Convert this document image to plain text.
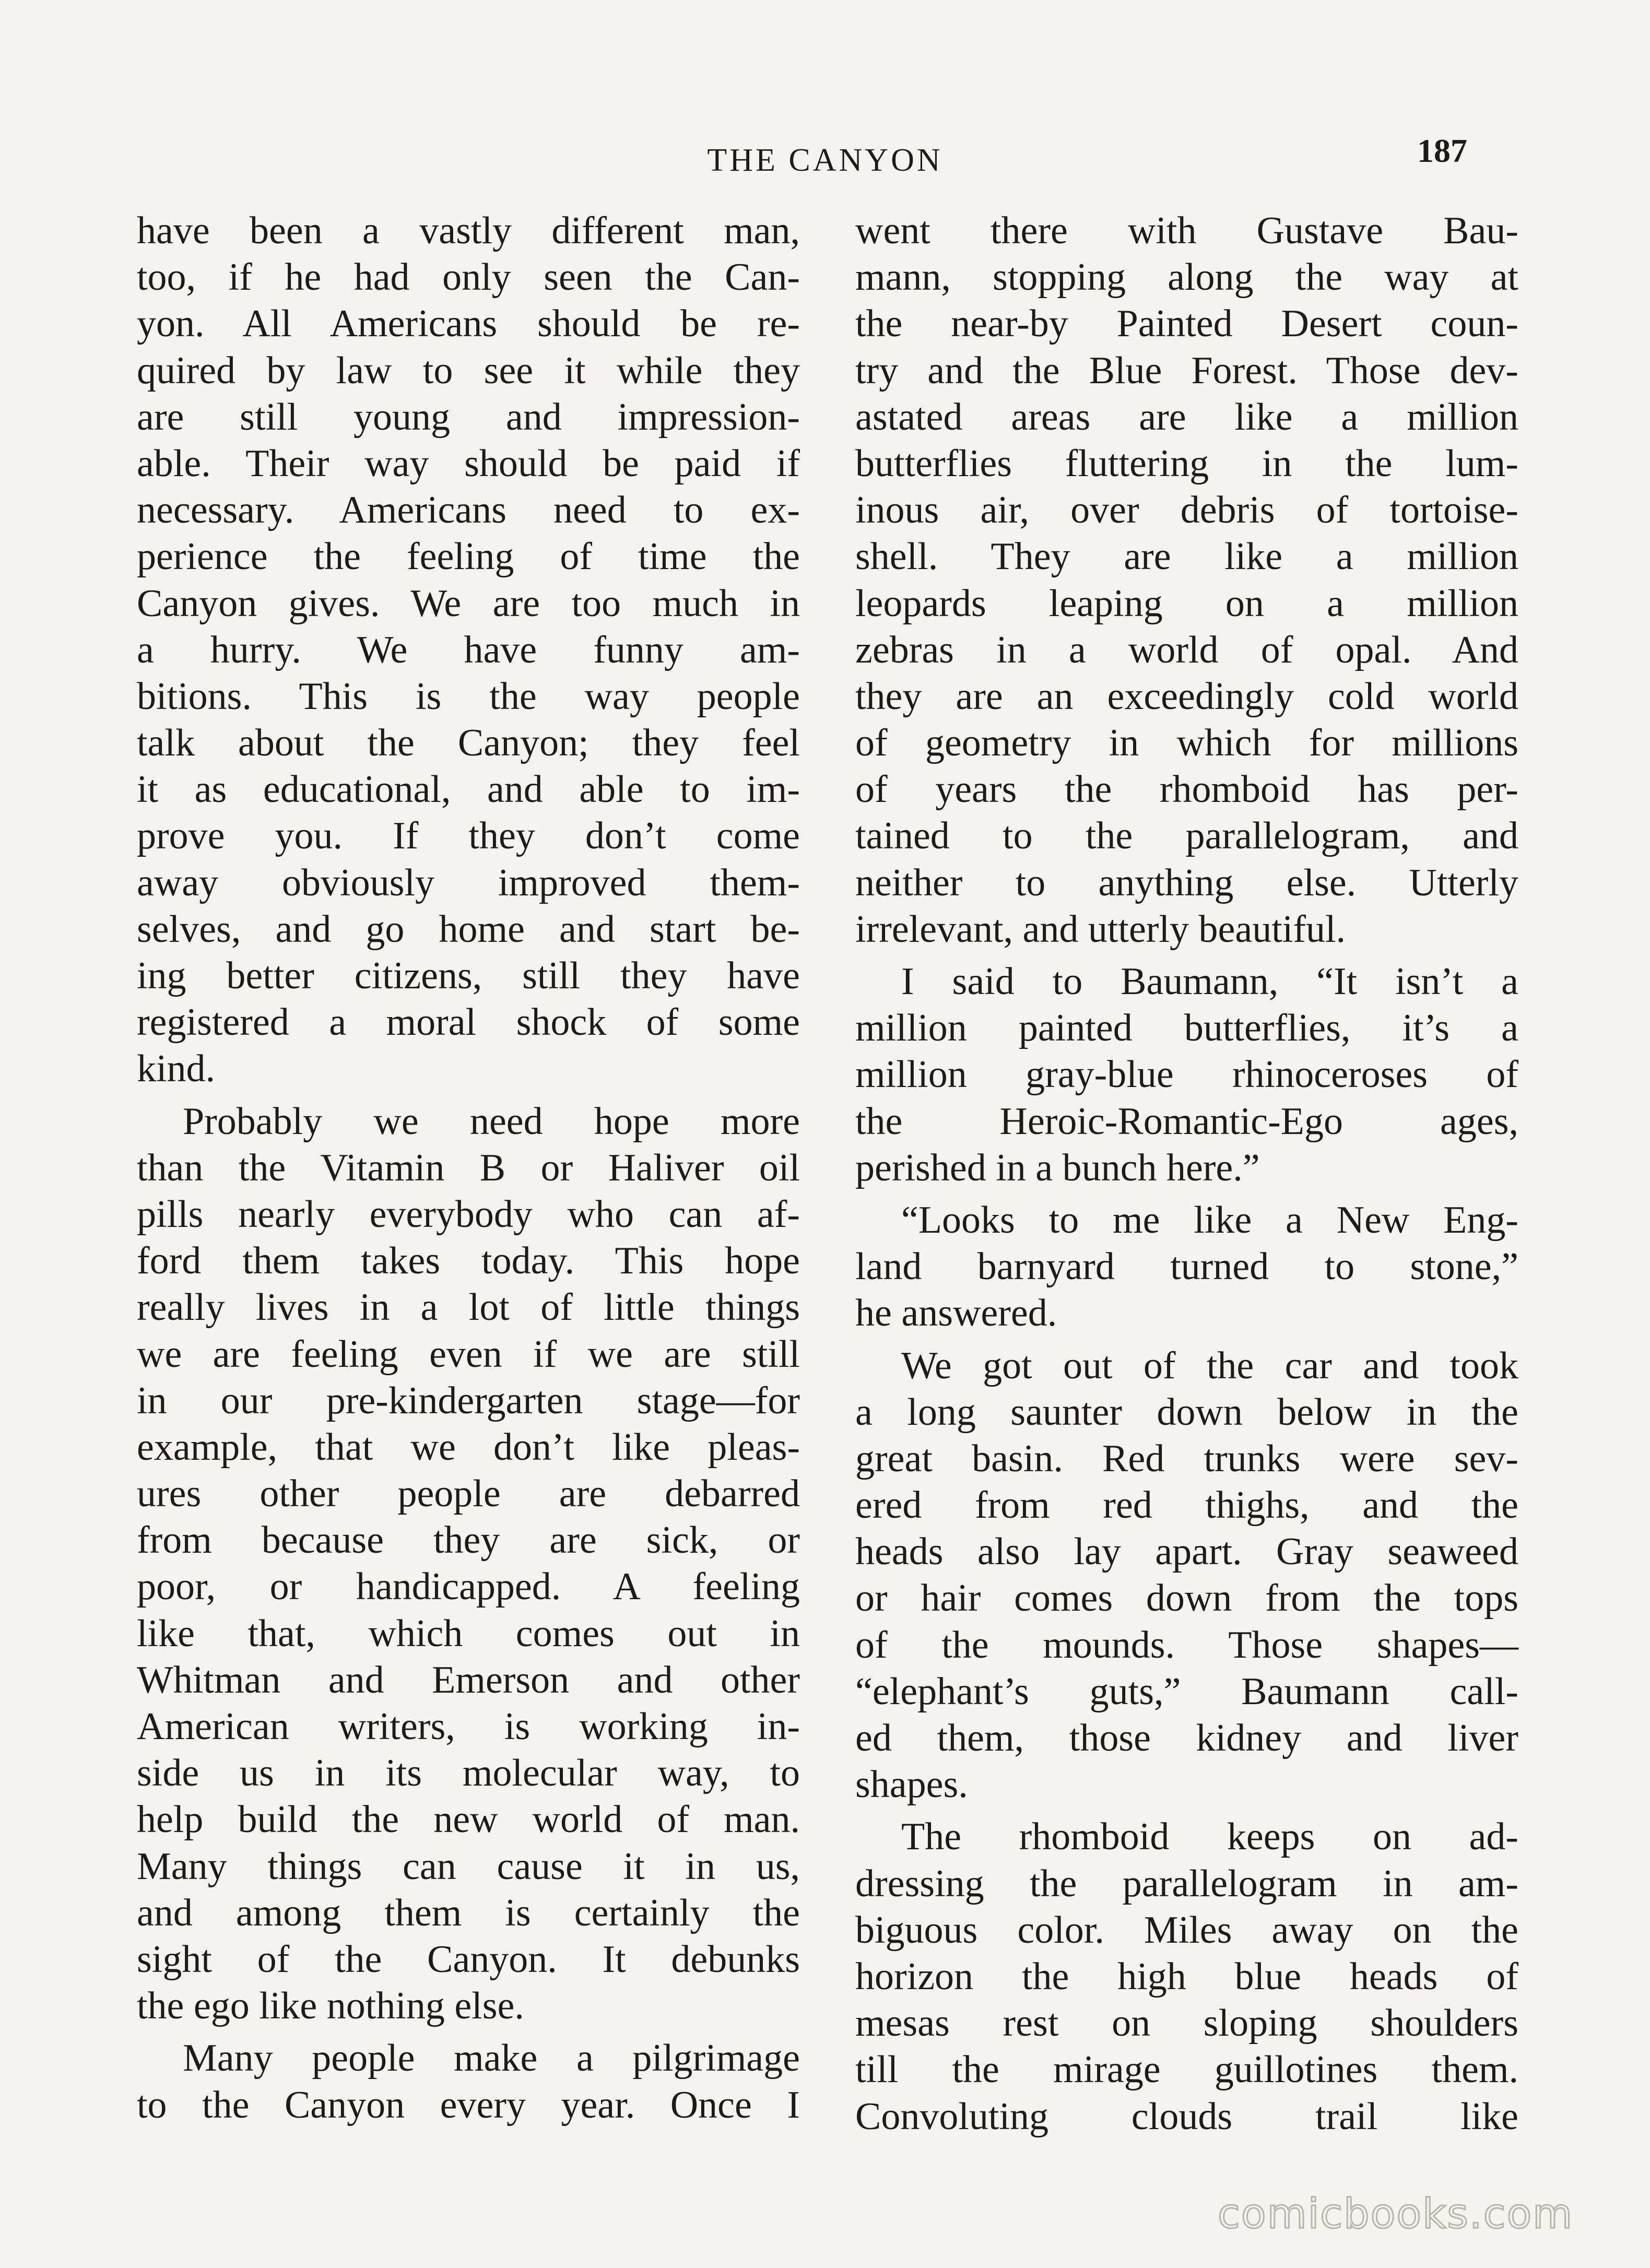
THE CANYON	187
have been a vastly different man,
too, if he had only seen the Can-
yon. All Americans should be re-
quired by law to see it while they
are still young and impression-
able. Their way should be paid if
necessary. Americans need to ex-
perience the feeling of time the
Canyon gives. We are too much in
a hurry. We have funny am-
bitions. This is the way people
talk about the Canyon; they feel
it as educational, and able to im-
prove you. If they don’t come
away obviously improved them-
selves, and go home and start be-
ing better citizens, still they have
registered a moral shock of some
kind.
Probably we need hope more
than the Vitamin B or Haliver oil
pills nearly everybody who can af-
ford them takes today. This hope
really lives in a lot of little things
we are feeling even if we are still
in our pre-kindergarten stage—for
example, that we don’t like pleas-
ures other people are debarred
from because they are sick, or
poor, or handicapped. A feeling
like that, which comes out in
Whitman and Emerson and other
American writers, is working in-
side us in its molecular way, to
help build the new world of man.
Many things can cause it in us,
and among them is certainly the
sight of the Canyon. It debunks
the ego like nothing else.
Many people make a pilgrimage
to the Canyon every year. Once I
went there with Gustave Bau-
mann, stopping along the way at
the near-by Painted Desert coun-
try and the Blue Forest. Those dev-
astated areas are like a million
butterflies fluttering in the lum-
inous air, over debris of tortoise-
shell. They are like a million
leopards leaping on a million
zebras in a world of opal. And
they are an exceedingly cold world
of geometry in which for millions
of years the rhomboid has per-
tained to the parallelogram, and
neither to anything else. Utterly
irrelevant, and utterly beautiful.
I said to Baumann, “It isn’t a
million painted butterflies, it’s a
million gray-blue rhinoceroses of
the Heroic-Romantic-Ego ages,
perished in a bunch here.”
“Looks to me like a New Eng-
land barnyard turned to stone,”
he answered.
We got out of the car and took
a long saunter down below in the
great basin. Red trunks were sev-
ered from red thighs, and the
heads also lay apart. Gray seaweed
or hair comes down from the tops
of the mounds. Those shapes—
“elephant’s guts,” Baumann call-
ed them, those kidney and liver
shapes.
The rhomboid keeps on ad-
dressing the parallelogram in am-
biguous color. Miles away on the
horizon the high blue heads of
mesas rest on sloping shoulders
till the mirage guillotines them.
Convoluting clouds trail like
comicbooks.com
